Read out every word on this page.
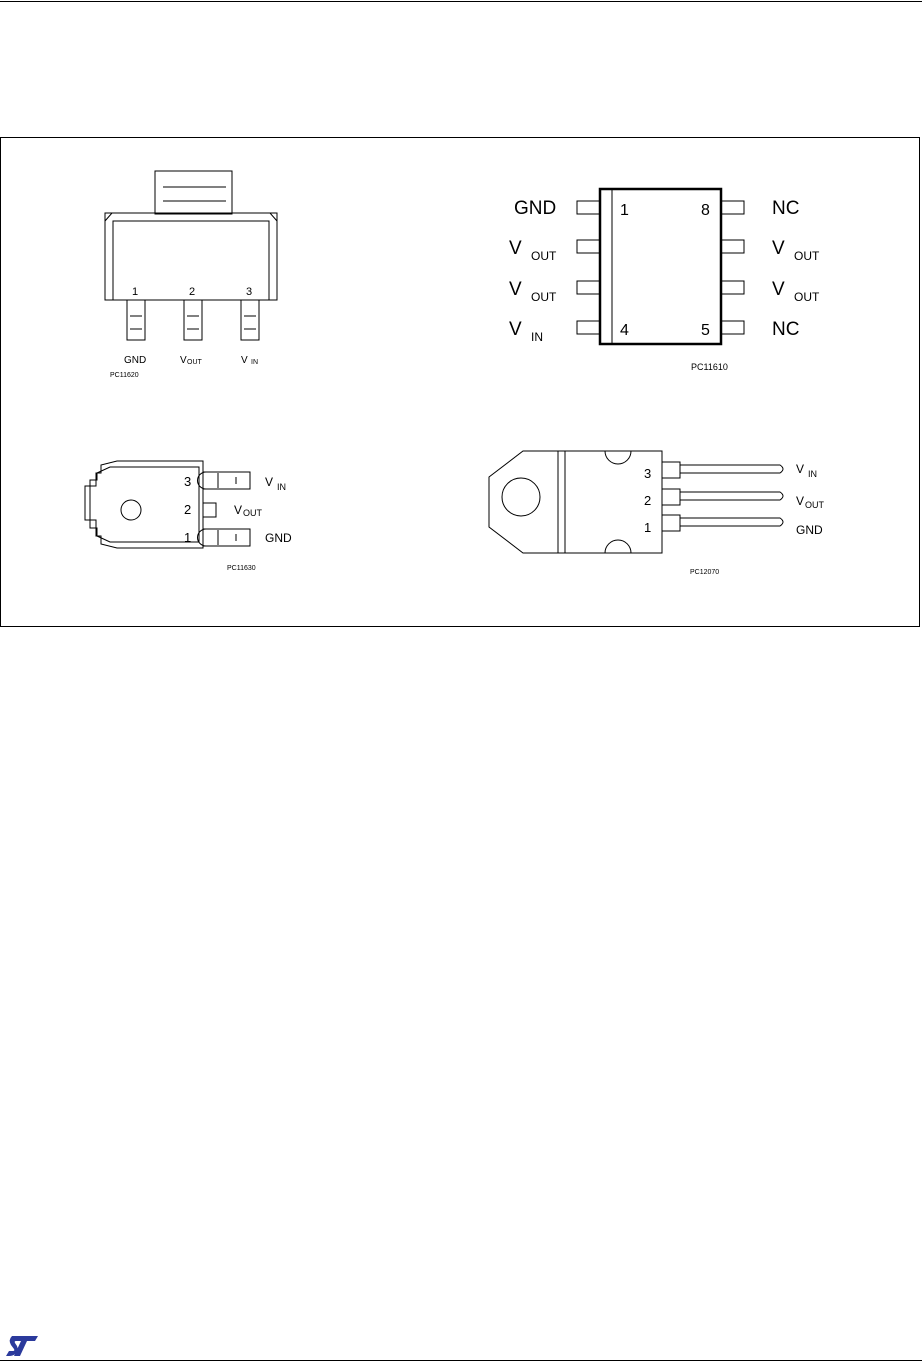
1	2	3
GND	V OUT	V IN
PC11620
GND
V OUT
V OUT
V IN
1
4
8
5
NC
V OUT
V OUT
NC
PC11610
3
2
1
V IN
V OUT
GND
PC11630
3
2
1
V IN
V OUT
GND
PC12070
